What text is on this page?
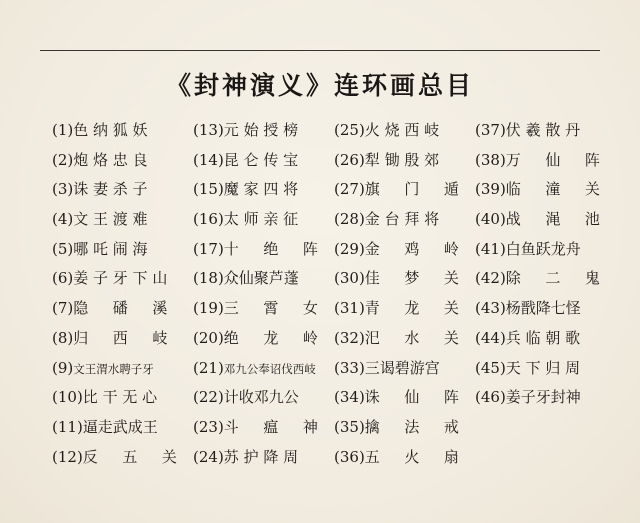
《封神演义》连环画总目
(1)色 纳 狐 妖
(2)炮 烙 忠 良
(3)诛 妻 杀 子
(4)文 王 渡 难
(5)哪 吒 闹 海
(6)姜 子 牙 下 山
(7)隐 　 磻 　 溪
(8)归 　 西 　 岐
(9)文王渭水聘子牙
(10)比 干 无 心
(11)逼走武成王
(12)反 　 五 　 关
(13)元 始 授 榜
(14)昆 仑 传 宝
(15)魔 家 四 将
(16)太 师 亲 征
(17)十 　 绝 　 阵
(18)众仙聚芦蓬
(19)三 　 霄 　 女
(20)绝 　 龙 　 岭
(21)邓九公奉诏伐西岐
(22)计收邓九公
(23)斗 　 瘟 　 神
(24)苏 护 降 周
(25)火 烧 西 岐
(26)犁 锄 殷 郊
(27)旗 　 门 　 遁
(28)金 台 拜 将
(29)金 　 鸡 　 岭
(30)佳 　 梦 　 关
(31)青 　 龙 　 关
(32)汜 　 水 　 关
(33)三谒碧游宫
(34)诛 　 仙 　 阵
(35)擒 　 法 　 戒
(36)五 　 火 　 扇
(37)伏 羲 散 丹
(38)万 　 仙 　 阵
(39)临 　 潼 　 关
(40)战 　 渑 　 池
(41)白鱼跃龙舟
(42)除 　 二 　 鬼
(43)杨戬降七怪
(44)兵 临 朝 歌
(45)天 下 归 周
(46)姜子牙封神
